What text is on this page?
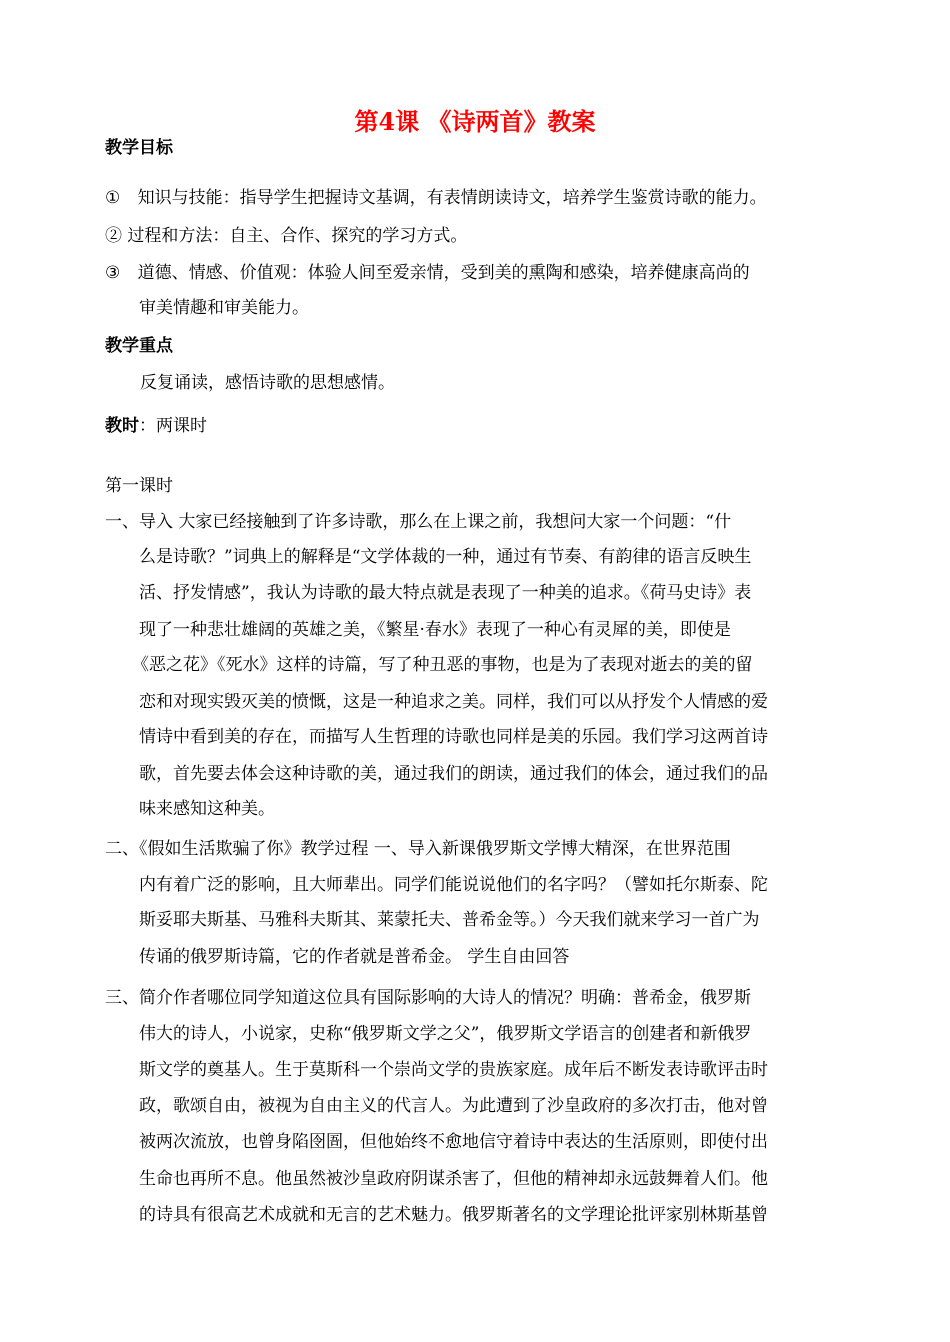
第4课 《诗两首》教案
教学目标
① 知识与技能：指导学生把握诗文基调，有表情朗读诗文，培养学生鉴赏诗歌的能力。
② 过程和方法：自主、合作、探究的学习方式。
③ 道德、情感、价值观：体验人间至爱亲情，受到美的熏陶和感染，培养健康高尚的
审美情趣和审美能力。
教学重点
反复诵读，感悟诗歌的思想感情。
教时：两课时
第一课时
一、导入 大家已经接触到了许多诗歌，那么在上课之前，我想问大家一个问题：“什
么是诗歌？”词典上的解释是“文学体裁的一种，通过有节奏、有韵律的语言反映生
活、抒发情感”，我认为诗歌的最大特点就是表现了一种美的追求。《荷马史诗》表
现了一种悲壮雄阔的英雄之美，《繁星·春水》表现了一种心有灵犀的美，即使是
《恶之花》《死水》这样的诗篇，写了种丑恶的事物，也是为了表现对逝去的美的留
恋和对现实毁灭美的愤慨，这是一种追求之美。同样，我们可以从抒发个人情感的爱
情诗中看到美的存在，而描写人生哲理的诗歌也同样是美的乐园。我们学习这两首诗
歌，首先要去体会这种诗歌的美，通过我们的朗读，通过我们的体会，通过我们的品
味来感知这种美。
二、《假如生活欺骗了你》教学过程 一、导入新课俄罗斯文学博大精深，在世界范围
内有着广泛的影响，且大师辈出。同学们能说说他们的名字吗？（譬如托尔斯泰、陀
斯妥耶夫斯基、马雅科夫斯其、莱蒙托夫、普希金等。）今天我们就来学习一首广为
传诵的俄罗斯诗篇，它的作者就是普希金。 学生自由回答
三、简介作者哪位同学知道这位具有国际影响的大诗人的情况？明确：普希金，俄罗斯
伟大的诗人，小说家，史称“俄罗斯文学之父”，俄罗斯文学语言的创建者和新俄罗
斯文学的奠基人。生于莫斯科一个崇尚文学的贵族家庭。成年后不断发表诗歌评击时
政，歌颂自由，被视为自由主义的代言人。为此遭到了沙皇政府的多次打击，他对曾
被两次流放，也曾身陷囹圄，但他始终不愈地信守着诗中表达的生活原则，即使付出
生命也再所不息。他虽然被沙皇政府阴谋杀害了，但他的精神却永远鼓舞着人们。他
的诗具有很高艺术成就和无言的艺术魅力。俄罗斯著名的文学理论批评家别林斯基曾
